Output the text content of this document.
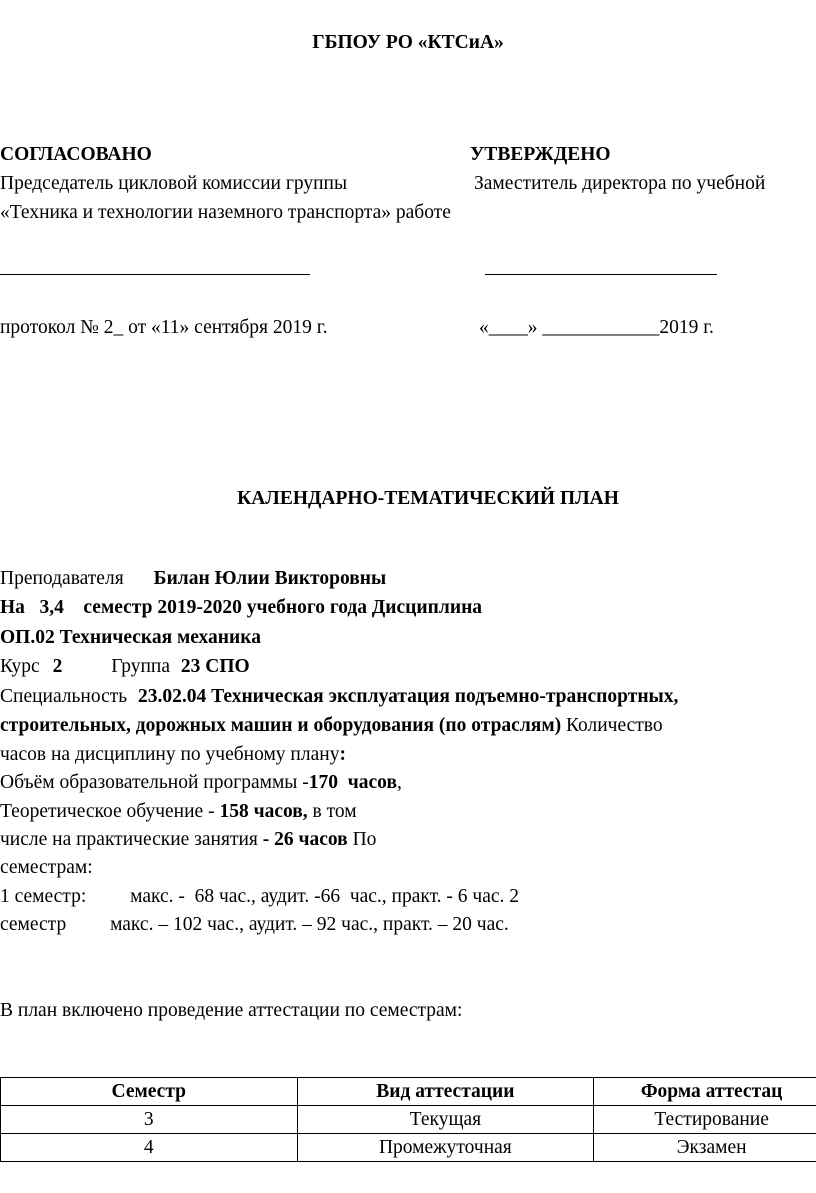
ГБПОУ РО «КТСиА»
СОГЛАСОВАНО	УТВЕРЖДЕНО
Председатель цикловой комиссии группы	Заместитель директора по учебной
«Техника и технологии наземного транспорта» работе
протокол № 2_ от «11» сентября 2019 г.	«____» ____________2019 г.
КАЛЕНДАРНО-ТЕМАТИЧЕСКИЙ ПЛАН
Преподавателя Билан Юлии Викторовны
На   3,4    семестр 2019-2020 учебного года Дисциплина
ОП.02 Техническая механика
Курс 2	Группа 23 СПО
Специальность 23.02.04 Техническая эксплуатация подъемно-транспортных,
строительных, дорожных машин и оборудования (по отраслям) Количество
часов на дисциплину по учебному плану:
Объём образовательной программы -170  часов,
Теоретическое обучение - 158 часов, в том
числе на практические занятия - 26 часов По
семестрам:
1 семестр:         макс. -  68 час., аудит. -66  час., практ. - 6 час. 2
семестр         макс. – 102 час., аудит. – 92 час., практ. – 20 час.
В план включено проведение аттестации по семестрам:
Семестр	Вид аттестации	Форма аттестац
3	Текущая	Тестирование
4	Промежуточная	Экзамен
